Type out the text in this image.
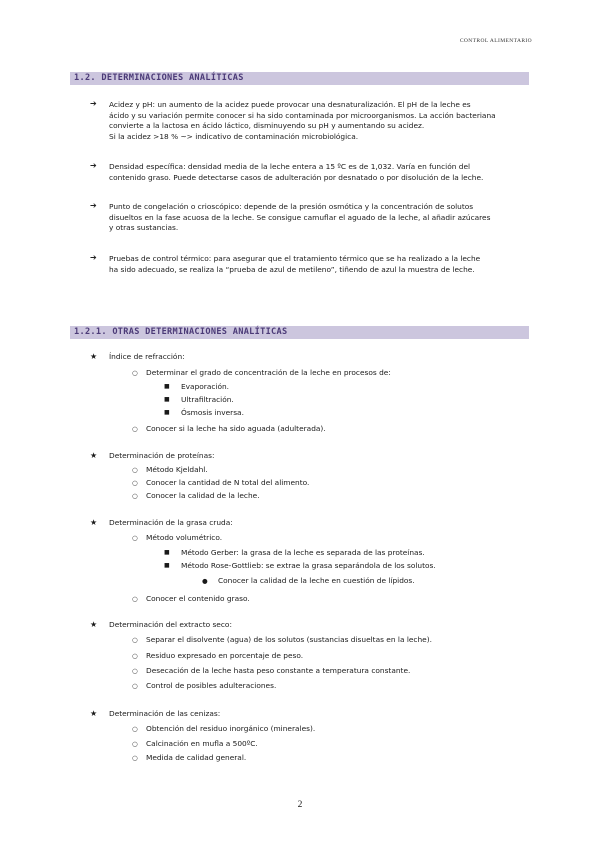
CONTROL ALIMENTARIO
1.2. DETERMINACIONES ANALÍTICAS
➔ Acidez y pH: un aumento de la acidez puede provocar una desnaturalización. El pH de la leche es
ácido y su variación permite conocer si ha sido contaminada por microorganismos. La acción bacteriana
convierte a la lactosa en ácido láctico, disminuyendo su pH y aumentando su acidez.
Si la acidez >18 % ~> indicativo de contaminación microbiológica.
➔ Densidad específica: densidad media de la leche entera a 15 ºC es de 1,032. Varía en función del
contenido graso. Puede detectarse casos de adulteración por desnatado o por disolución de la leche.
➔ Punto de congelación o crioscópico: depende de la presión osmótica y la concentración de solutos
disueltos en la fase acuosa de la leche. Se consigue camuflar el aguado de la leche, al añadir azúcares
y otras sustancias.
➔ Pruebas de control térmico: para asegurar que el tratamiento térmico que se ha realizado a la leche
ha sido adecuado, se realiza la “prueba de azul de metileno”, tiñendo de azul la muestra de leche.
1.2.1. OTRAS DETERMINACIONES ANALÍTICAS
★ Índice de refracción:
○ Determinar el grado de concentración de la leche en procesos de:
■ Evaporación.
■ Ultrafiltración.
■ Ósmosis inversa.
○ Conocer si la leche ha sido aguada (adulterada).
★ Determinación de proteínas:
○ Método Kjeldahl.
○ Conocer la cantidad de N total del alimento.
○ Conocer la calidad de la leche.
★ Determinación de la grasa cruda:
○ Método volumétrico.
■ Método Gerber: la grasa de la leche es separada de las proteínas.
■ Método Rose-Gottlieb: se extrae la grasa separándola de los solutos.
● Conocer la calidad de la leche en cuestión de lípidos.
○ Conocer el contenido graso.
★ Determinación del extracto seco:
○ Separar el disolvente (agua) de los solutos (sustancias disueltas en la leche).
○ Residuo expresado en porcentaje de peso.
○ Desecación de la leche hasta peso constante a temperatura constante.
○ Control de posibles adulteraciones.
★ Determinación de las cenizas:
○ Obtención del residuo inorgánico (minerales).
○ Calcinación en mufla a 500ºC.
○ Medida de calidad general.
2
